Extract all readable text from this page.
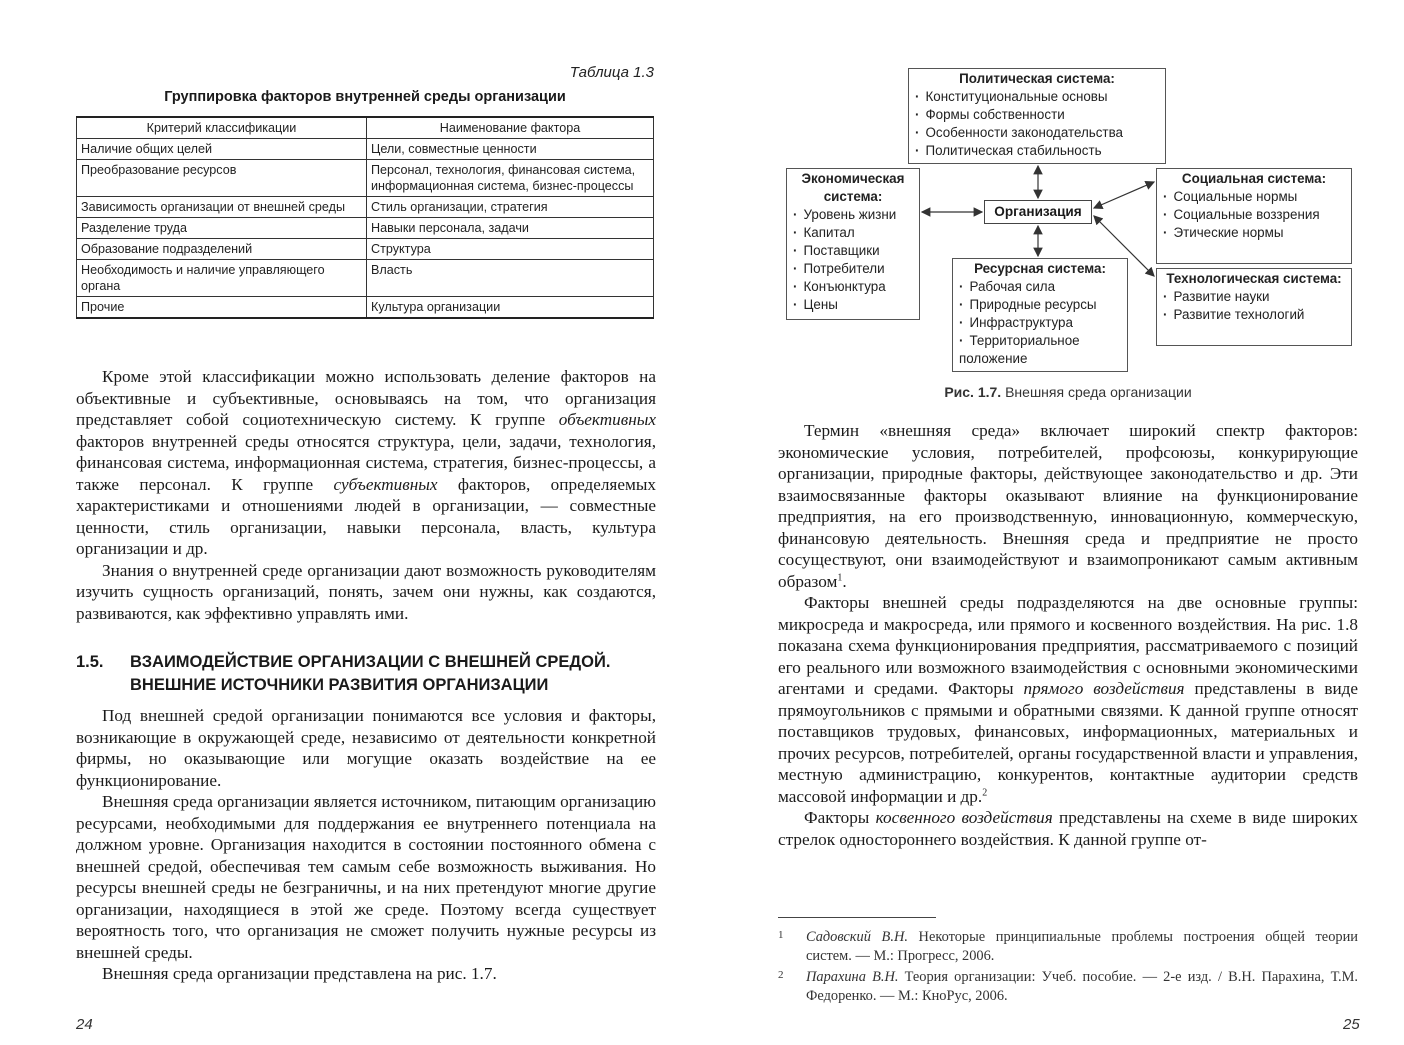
Таблица 1.3
Группировка факторов внутренней среды организации
Критерий классификации	Наименование фактора
Наличие общих целей	Цели, совместные ценности
Преобразование ресурсов	Персонал, технология, финансовая система, информационная система, бизнес-процессы
Зависимость организации от внешней среды	Стиль организации, стратегия
Разделение труда	Навыки персонала, задачи
Образование подразделений	Структура
Необходимость и наличие управляющего органа	Власть
Прочие	Культура организации

Кроме этой классификации можно использовать деление факторов на объективные и субъективные, основываясь на том, что организация представляет собой социотехническую систему. К группе объективных факторов внутренней среды относятся структура, цели, задачи, технология, финансовая система, информационная система, стратегия, бизнес-процессы, а также персонал. К группе субъективных факторов, определяемых характеристиками и отношениями людей в организации, — совместные ценности, стиль организации, навыки персонала, власть, культура организации и др.

Знания о внутренней среде организации дают возможность руководителям изучить сущность организаций, понять, зачем они нужны, как создаются, развиваются, как эффективно управлять ими.

1.5. ВЗАИМОДЕЙСТВИЕ ОРГАНИЗАЦИИ С ВНЕШНЕЙ СРЕДОЙ. ВНЕШНИЕ ИСТОЧНИКИ РАЗВИТИЯ ОРГАНИЗАЦИИ

Под внешней средой организации понимаются все условия и факторы, возникающие в окружающей среде, независимо от деятельности конкретной фирмы, но оказывающие или могущие оказать воздействие на ее функционирование.

Внешняя среда организации является источником, питающим организацию ресурсами, необходимыми для поддержания ее внутреннего потенциала на должном уровне. Организация находится в состоянии постоянного обмена с внешней средой, обеспечивая тем самым себе возможность выживания. Но ресурсы внешней среды не безграничны, и на них претендуют многие другие организации, находящиеся в этой же среде. Поэтому всегда существует вероятность того, что организация не сможет получить нужные ресурсы из внешней среды.

Внешняя среда организации представлена на рис. 1.7.

24
Политическая система:
· Конституциональные основы
· Формы собственности
· Особенности законодательства
· Политическая стабильность
Экономическая система:
· Уровень жизни
· Капитал
· Поставщики
· Потребители
· Конъюнктура
· Цены
Организация
Социальная система:
· Социальные нормы
· Социальные воззрения
· Этические нормы
Ресурсная система:
· Рабочая сила
· Природные ресурсы
· Инфраструктура
· Территориальное положение
Технологическая система:
· Развитие науки
· Развитие технологий
Рис. 1.7. Внешняя среда организации

Термин «внешняя среда» включает широкий спектр факторов: экономические условия, потребителей, профсоюзы, конкурирующие организации, природные факторы, действующее законодательство и др. Эти взаимосвязанные факторы оказывают влияние на функционирование предприятия, на его производственную, инновационную, коммерческую, финансовую деятельность. Внешняя среда и предприятие не просто сосуществуют, они взаимодействуют и взаимопроникают самым активным образом$^1$.

Факторы внешней среды подразделяются на две основные группы: микросреда и макросреда, или прямого и косвенного воздействия. На рис. 1.8 показана схема функционирования предприятия, рассматриваемого с позиций его реального или возможного взаимодействия с основными экономическими агентами и средами. Факторы прямого воздействия представлены в виде прямоугольников с прямыми и обратными связями. К данной группе относят поставщиков трудовых, финансовых, информационных, материальных и прочих ресурсов, потребителей, органы государственной власти и управления, местную администрацию, конкурентов, контактные аудитории средств массовой информации и др.$^2$

Факторы косвенного воздействия представлены на схеме в виде широких стрелок одностороннего воздействия. К данной группе от-

1 Садовский В.Н. Некоторые принципиальные проблемы построения общей теории систем. — М.: Прогресс, 2006.
2 Парахина В.Н. Теория организации: Учеб. пособие. — 2-е изд. / В.Н. Парахина, Т.М. Федоренко. — М.: КноРус, 2006.
25
